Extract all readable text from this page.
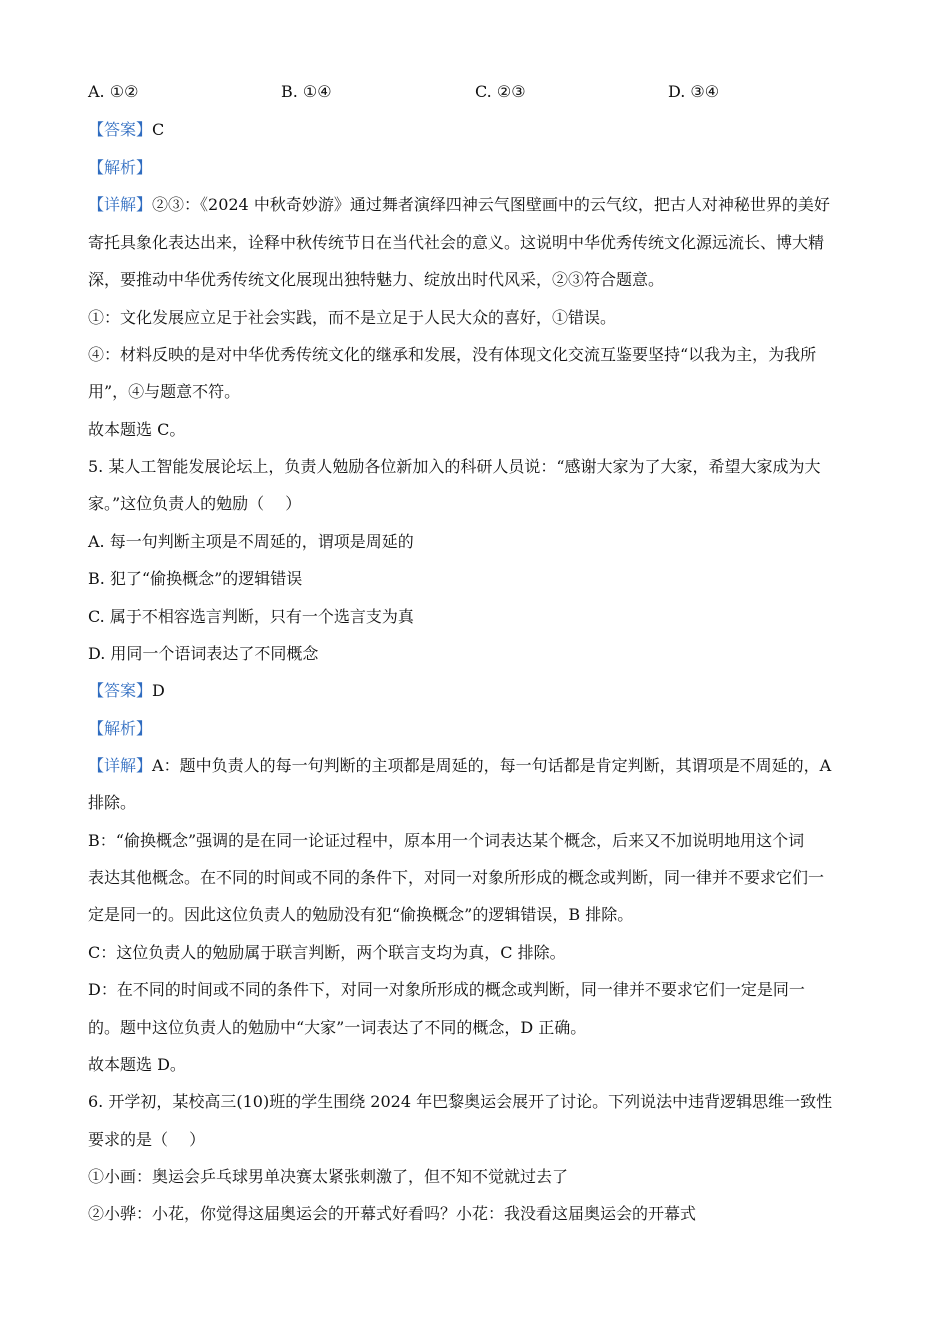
A. ①②	B. ①④	C. ②③	D. ③④
【答案】C
【解析】
【详解】②③：《2024 中秋奇妙游》通过舞者演绎四神云气图壁画中的云气纹，把古人对神秘世界的美好
寄托具象化表达出来，诠释中秋传统节日在当代社会的意义。这说明中华优秀传统文化源远流长、博大精
深，要推动中华优秀传统文化展现出独特魅力、绽放出时代风采，②③符合题意。
①：文化发展应立足于社会实践，而不是立足于人民大众的喜好，①错误。
④：材料反映的是对中华优秀传统文化的继承和发展，没有体现文化交流互鉴要坚持“以我为主，为我所
用”，④与题意不符。
故本题选 C。
5. 某人工智能发展论坛上，负责人勉励各位新加入的科研人员说：“感谢大家为了大家，希望大家成为大
家。”这位负责人的勉励（　 ）
A. 每一句判断主项是不周延的，谓项是周延的
B. 犯了“偷换概念”的逻辑错误
C. 属于不相容选言判断，只有一个选言支为真
D. 用同一个语词表达了不同概念
【答案】D
【解析】
【详解】A：题中负责人的每一句判断的主项都是周延的，每一句话都是肯定判断，其谓项是不周延的，A
排除。
B：“偷换概念”强调的是在同一论证过程中，原本用一个词表达某个概念，后来又不加说明地用这个词
表达其他概念。在不同的时间或不同的条件下，对同一对象所形成的概念或判断，同一律并不要求它们一
定是同一的。因此这位负责人的勉励没有犯“偷换概念”的逻辑错误，B 排除。
C：这位负责人的勉励属于联言判断，两个联言支均为真，C 排除。
D：在不同的时间或不同的条件下，对同一对象所形成的概念或判断，同一律并不要求它们一定是同一
的。题中这位负责人的勉励中“大家”一词表达了不同的概念，D 正确。
故本题选 D。
6. 开学初，某校高三(10)班的学生围绕 2024 年巴黎奥运会展开了讨论。下列说法中违背逻辑思维一致性
要求的是（　 ）
①小画：奥运会乒乓球男单决赛太紧张刺激了，但不知不觉就过去了
②小骅：小花，你觉得这届奥运会的开幕式好看吗？小花：我没看这届奥运会的开幕式
